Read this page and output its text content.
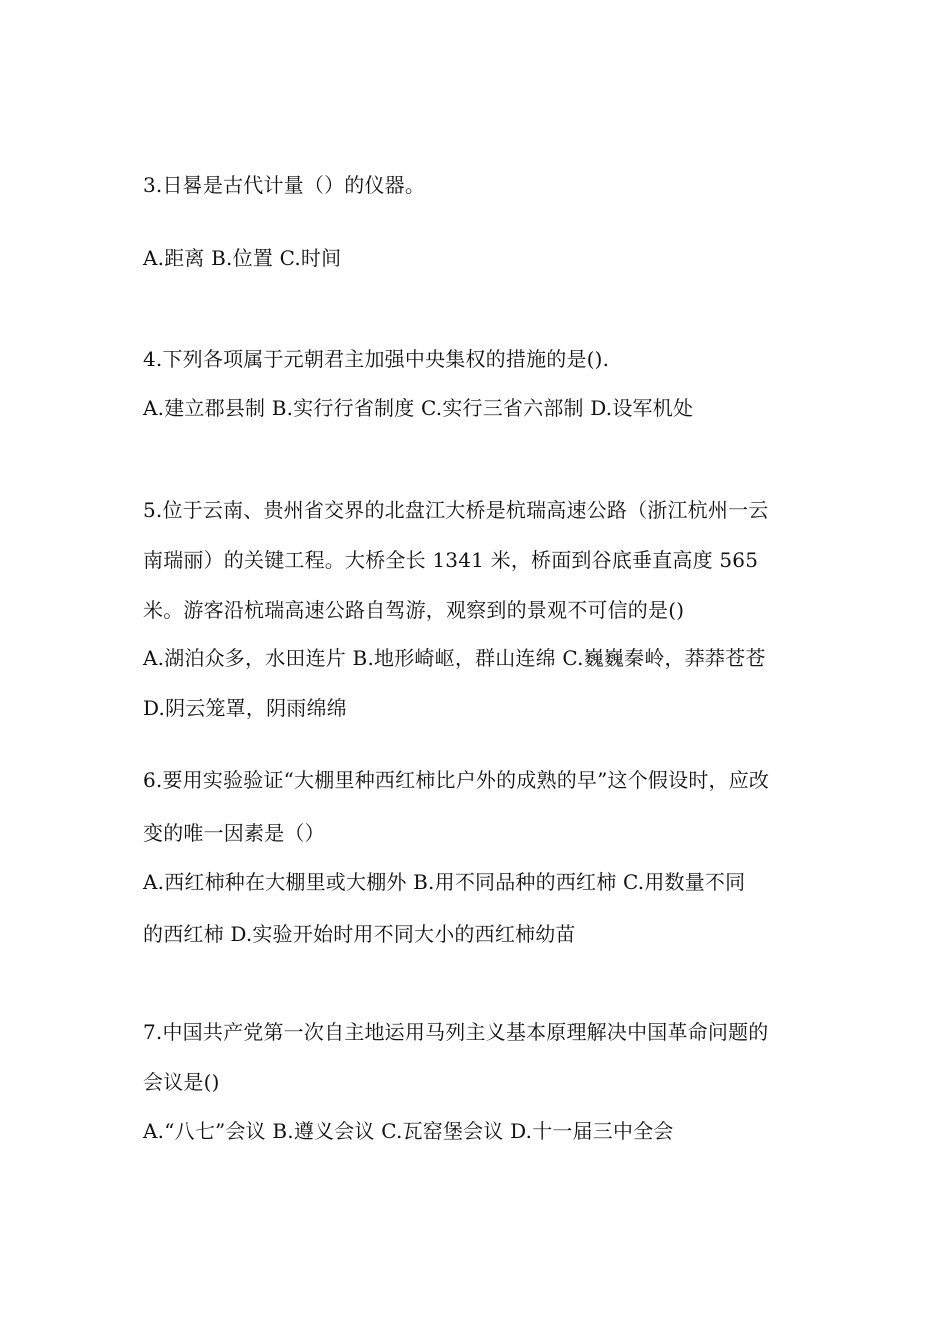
3.日晷是古代计量（）的仪器。
A.距离 B.位置 C.时间
4.下列各项属于元朝君主加强中央集权的措施的是().
A.建立郡县制 B.实行行省制度 C.实行三省六部制 D.设军机处
5.位于云南、贵州省交界的北盘江大桥是杭瑞高速公路（浙江杭州一云
南瑞丽）的关键工程。大桥全长 1341 米，桥面到谷底垂直高度 565
米。游客沿杭瑞高速公路自驾游，观察到的景观不可信的是()
A.湖泊众多，水田连片 B.地形崎岖，群山连绵 C.巍巍秦岭，莽莽苍苍
D.阴云笼罩，阴雨绵绵
6.要用实验验证“大棚里种西红柿比户外的成熟的早”这个假设时，应改
变的唯一因素是（）
A.西红柿种在大棚里或大棚外 B.用不同品种的西红柿 C.用数量不同
的西红柿 D.实验开始时用不同大小的西红柿幼苗
7.中国共产党第一次自主地运用马列主义基本原理解决中国革命问题的
会议是()
A.“八七”会议 B.遵义会议 C.瓦窑堡会议 D.十一届三中全会
